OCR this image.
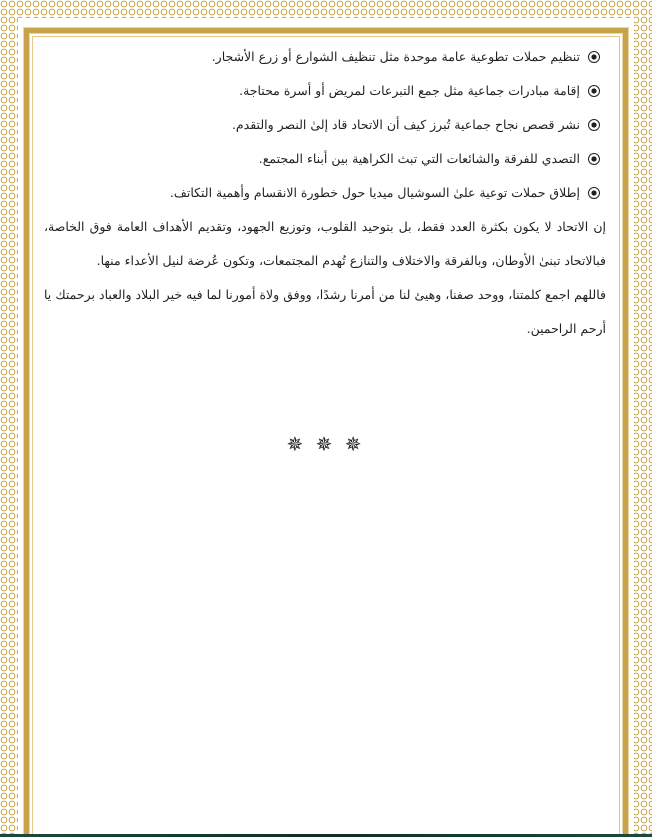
تنظيم حملات تطوعية عامة موحدة مثل تنظيف الشوارع أو زرع الأشجار.
إقامة مبادرات جماعية مثل جمع التبرعات لمريض أو أسرة محتاجة.
نشر قصص نجاح جماعية تُبرز كيف أن الاتحاد قاد إلىٰ النصر والتقدم.
التصدي للفرقة والشائعات التي تبث الكراهية بين أبناء المجتمع.
إطلاق حملات توعية علىٰ السوشيال ميديا حول خطورة الانقسام وأهمية التكاتف.

إن الاتحاد لا يكون بكثرة العدد فقط، بل بتوحيد القلوب، وتوزيع الجهود، وتقديم الأهداف العامة فوق الخاصة، فبالاتحاد تبنىٰ الأوطان، وبالفرقة والاختلاف والتنازع تُهدم المجتمعات، وتكون عُرضة لنيل الأعداء منها.

فاللهم اجمع كلمتنا، ووحد صفنا، وهيئ لنا من أمرنا رشدًا، ووفق ولاة أمورنا لما فيه خير البلاد والعباد برحمتك يا أرحم الراحمين.

✵ ✵ ✵
